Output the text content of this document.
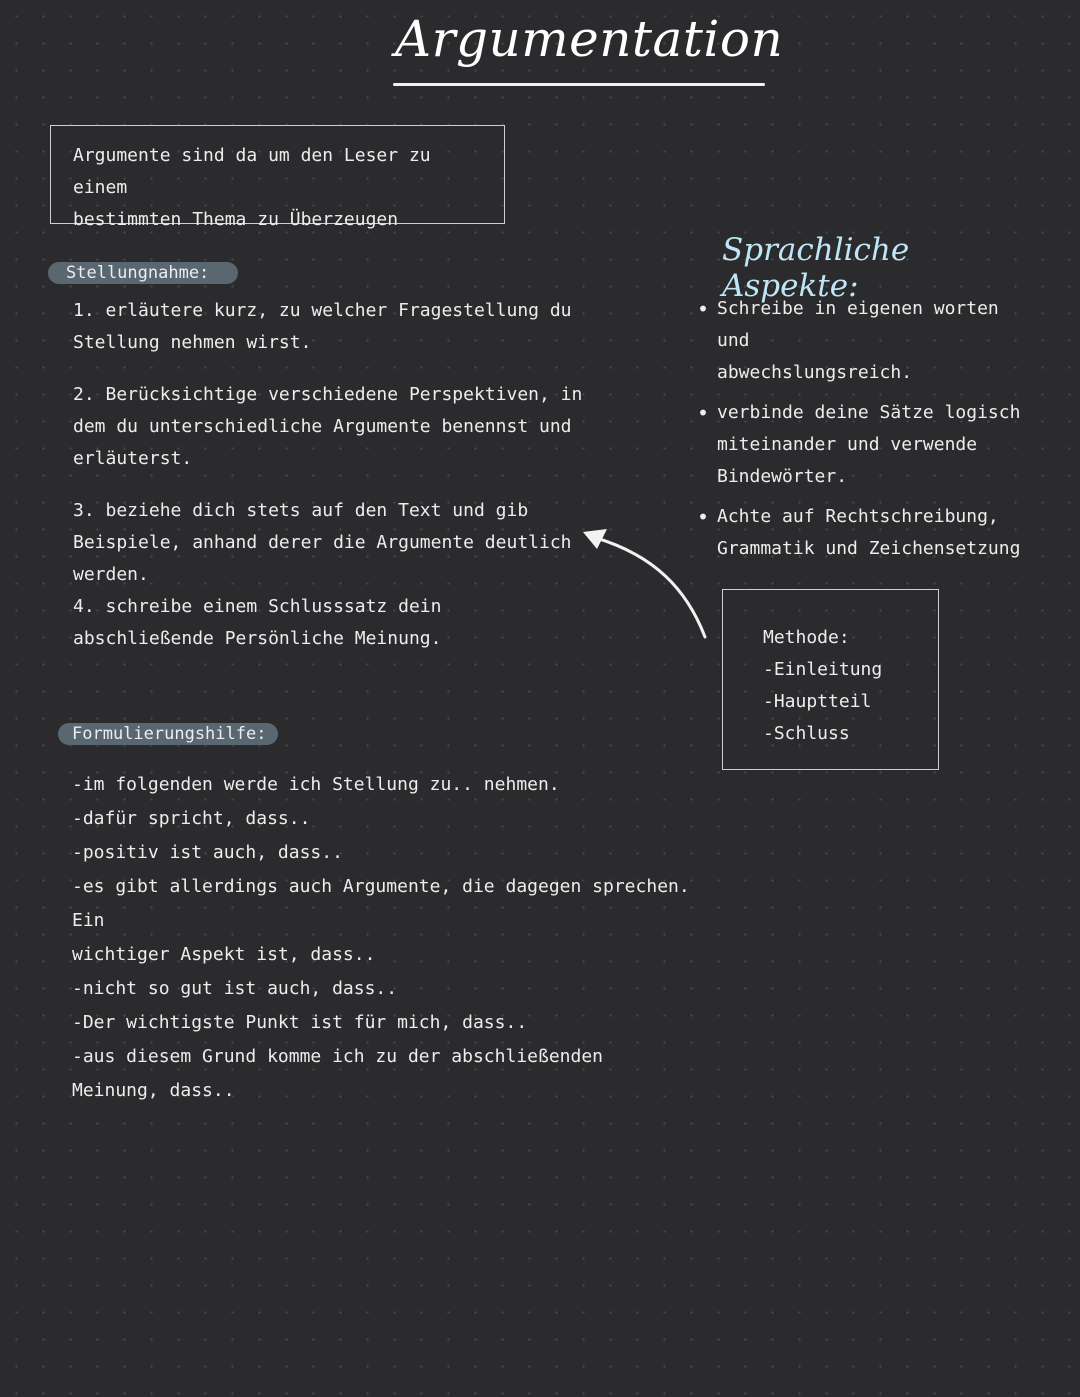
Argumentation

Argumente sind da um den Leser zu einem

bestimmten Thema zu Überzeugen

Stellungnahme:

1. erläutere kurz, zu welcher Fragestellung du

Stellung nehmen wirst.

2. Berücksichtige verschiedene Perspektiven, in

dem du unterschiedliche Argumente benennst und

erläuterst.

3. beziehe dich stets auf den Text und gib

Beispiele, anhand derer die Argumente deutlich

werden.

4. schreibe einem Schlusssatz dein

abschließende Persönliche Meinung.

Formulierungshilfe:

-im folgenden werde ich Stellung zu.. nehmen.

-dafür spricht, dass..

-positiv ist auch, dass..

-es gibt allerdings auch Argumente, die dagegen sprechen. Ein

wichtiger Aspekt ist, dass..

-nicht so gut ist auch, dass..

-Der wichtigste Punkt ist für mich, dass..

-aus diesem Grund komme ich zu der abschließenden

Meinung, dass..

Sprachliche Aspekte:
• Schreibe in eigenen worten und
abwechslungsreich.
• verbinde deine Sätze logisch
miteinander und verwende
Bindewörter.
• Achte auf Rechtschreibung,
Grammatik und Zeichensetzung

Methode:

-Einleitung

-Hauptteil

-Schluss
